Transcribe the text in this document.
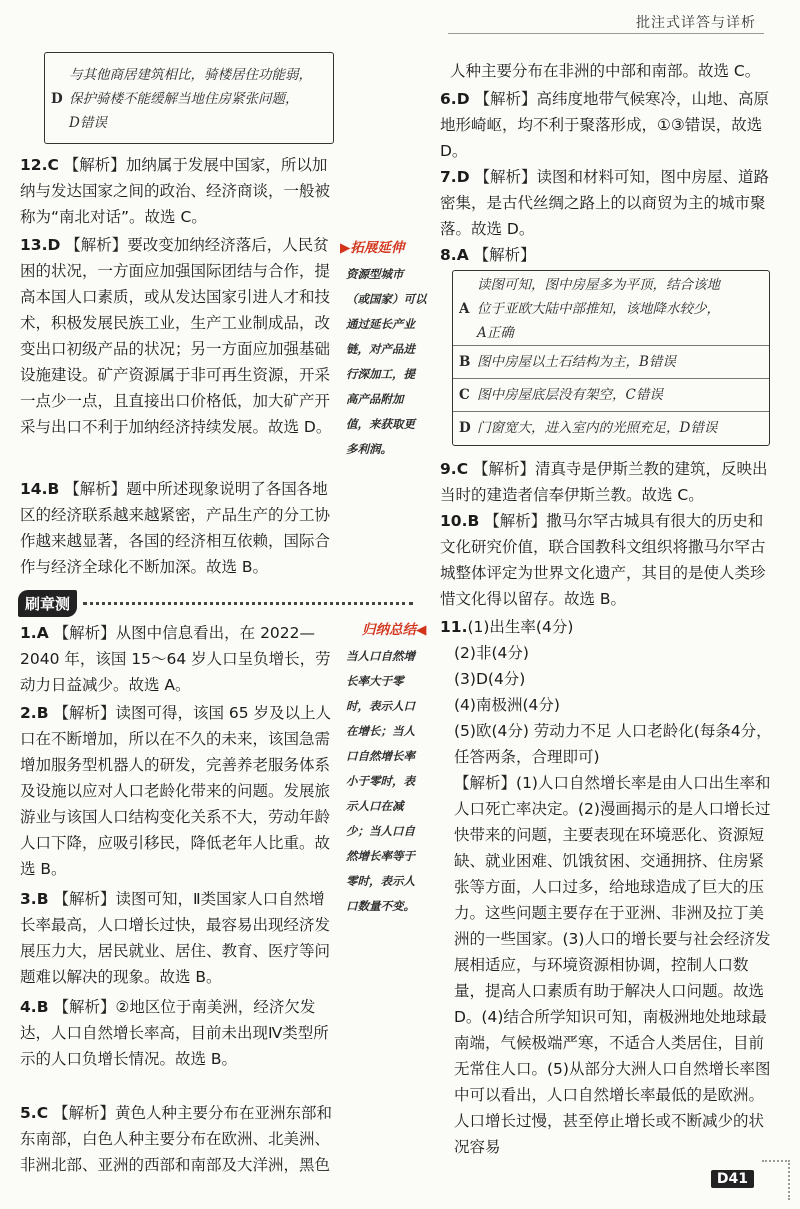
批注式详答与详析
与其他商居建筑相比，骑楼居住功能弱，
D 保护骑楼不能缓解当地住房紧张问题，
D错误
12.C 【解析】加纳属于发展中国家，所以加纳与发达国家之间的政治、经济商谈，一般被称为“南北对话”。故选 C。
13.D 【解析】要改变加纳经济落后，人民贫困的状况，一方面应加强国际团结与合作，提高本国人口素质，或从发达国家引进人才和技术，积极发展民族工业，生产工业制成品，改变出口初级产品的状况；另一方面应加强基础设施建设。矿产资源属于非可再生资源，开采一点少一点，且直接出口价格低，加大矿产开采与出口不利于加纳经济持续发展。故选 D。
14.B 【解析】题中所述现象说明了各国各地区的经济联系越来越紧密，产品生产的分工协作越来越显著，各国的经济相互依赖，国际合作与经济全球化不断加深。故选 B。
刷章测
1.A 【解析】从图中信息看出，在 2022—2040 年，该国 15～64 岁人口呈负增长，劳动力日益减少。故选 A。
2.B 【解析】读图可得，该国 65 岁及以上人口在不断增加，所以在不久的未来，该国急需增加服务型机器人的研发，完善养老服务体系及设施以应对人口老龄化带来的问题。发展旅游业与该国人口结构变化关系不大，劳动年龄人口下降，应吸引移民，降低老年人比重。故选 B。
3.B 【解析】读图可知，Ⅱ类国家人口自然增长率最高，人口增长过快，最容易出现经济发展压力大，居民就业、居住、教育、医疗等问题难以解决的现象。故选 B。
4.B 【解析】②地区位于南美洲，经济欠发达，人口自然增长率高，目前未出现Ⅳ类型所示的人口负增长情况。故选 B。
5.C 【解析】黄色人种主要分布在亚洲东部和东南部，白色人种主要分布在欧洲、北美洲、非洲北部、亚洲的西部和南部及大洋洲，黑色
▶拓展延伸
资源型城市
（或国家）可以
通过延长产业
链，对产品进
行深加工，提
高产品附加
值，来获取更
多利润。
归纳总结◀
当人口自然增
长率大于零
时，表示人口
在增长；当人
口自然增长率
小于零时，表
示人口在减
少；当人口自
然增长率等于
零时，表示人
口数量不变。
人种主要分布在非洲的中部和南部。故选 C。
6.D 【解析】高纬度地带气候寒冷，山地、高原地形崎岖，均不利于聚落形成，①③错误，故选 D。
7.D 【解析】读图和材料可知，图中房屋、道路密集，是古代丝绸之路上的以商贸为主的城市聚落。故选 D。
8.A 【解析】
A
读图可知，图中房屋多为平顶，结合该地
位于亚欧大陆中部推知，该地降水较少，
A正确
B 图中房屋以土石结构为主，B错误
C 图中房屋底层没有架空，C错误
D 门窗宽大，进入室内的光照充足，D错误
9.C 【解析】清真寺是伊斯兰教的建筑，反映出当时的建造者信奉伊斯兰教。故选 C。
10.B 【解析】撒马尔罕古城具有很大的历史和文化研究价值，联合国教科文组织将撒马尔罕古城整体评定为世界文化遗产，其目的是使人类珍惜文化得以留存。故选 B。
11.(1)出生率(4分)
(2)非(4分)
(3)D(4分)
(4)南极洲(4分)
(5)欧(4分) 劳动力不足 人口老龄化(每条4分，任答两条，合理即可)
【解析】(1)人口自然增长率是由人口出生率和人口死亡率决定。(2)漫画揭示的是人口增长过快带来的问题，主要表现在环境恶化、资源短缺、就业困难、饥饿贫困、交通拥挤、住房紧张等方面，人口过多，给地球造成了巨大的压力。这些问题主要存在于亚洲、非洲及拉丁美洲的一些国家。(3)人口的增长要与社会经济发展相适应，与环境资源相协调，控制人口数量，提高人口素质有助于解决人口问题。故选 D。(4)结合所学知识可知，南极洲地处地球最南端，气候极端严寒，不适合人类居住，目前无常住人口。(5)从部分大洲人口自然增长率图中可以看出，人口自然增长率最低的是欧洲。人口增长过慢，甚至停止增长或不断减少的状况容易
D41
